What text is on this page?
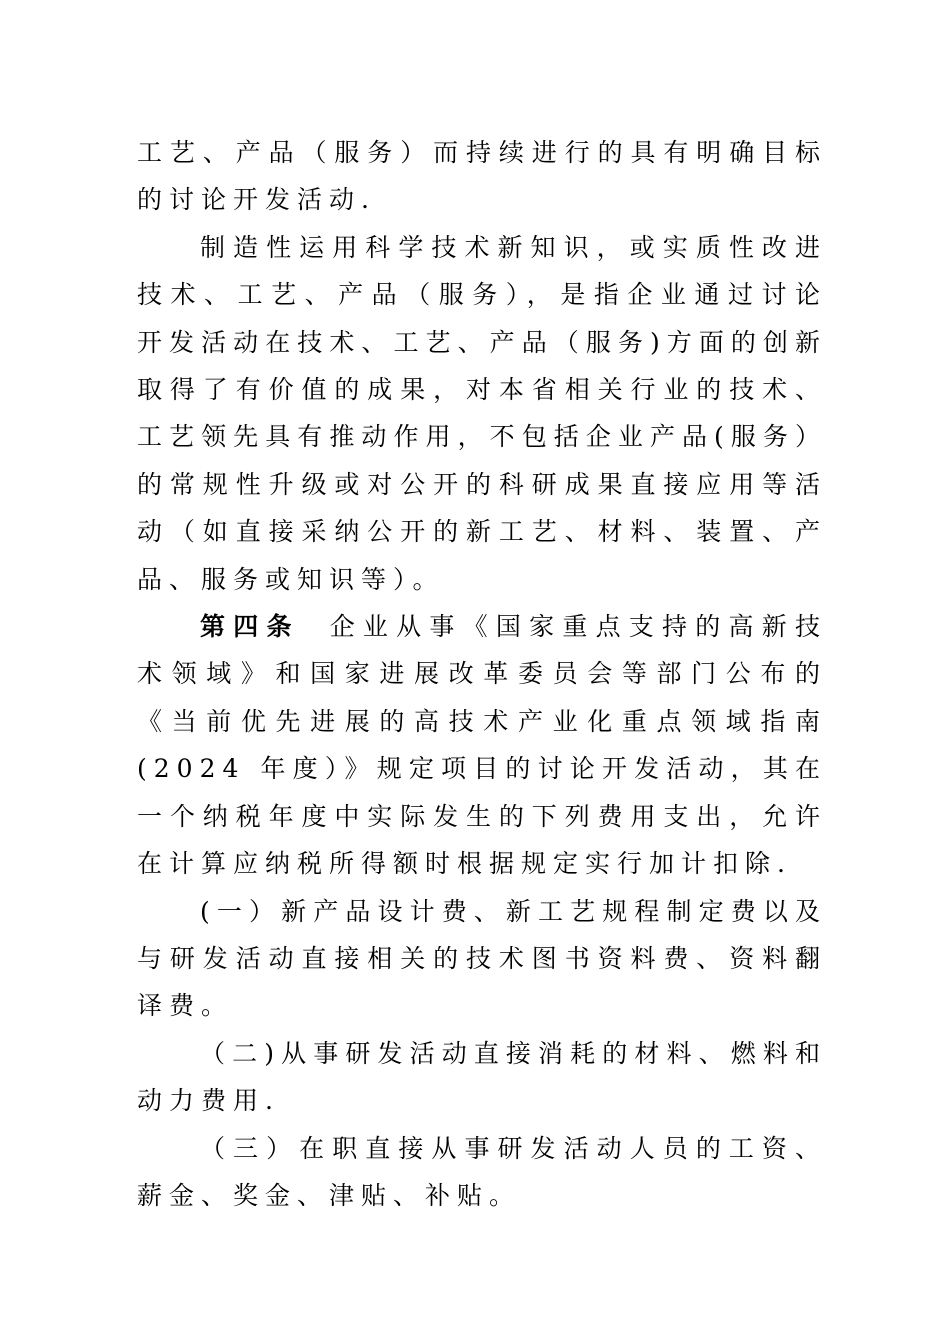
工艺、产品（服务）而持续进行的具有明确目标的讨论开发活动.

制造性运用科学技术新知识，或实质性改进技术、工艺、产品（服务），是指企业通过讨论开发活动在技术、工艺、产品（服务)方面的创新取得了有价值的成果，对本省相关行业的技术、工艺领先具有推动作用，不包括企业产品(服务）的常规性升级或对公开的科研成果直接应用等活动（如直接采纳公开的新工艺、材料、装置、产品、服务或知识等）。

第四条 企业从事《国家重点支持的高新技术领域》和国家进展改革委员会等部门公布的《当前优先进展的高技术产业化重点领域指南(2024 年度）》规定项目的讨论开发活动，其在一个纳税年度中实际发生的下列费用支出，允许在计算应纳税所得额时根据规定实行加计扣除.

(一）新产品设计费、新工艺规程制定费以及与研发活动直接相关的技术图书资料费、资料翻译费。

（二)从事研发活动直接消耗的材料、燃料和动力费用.

（三）在职直接从事研发活动人员的工资、薪金、奖金、津贴、补贴。
